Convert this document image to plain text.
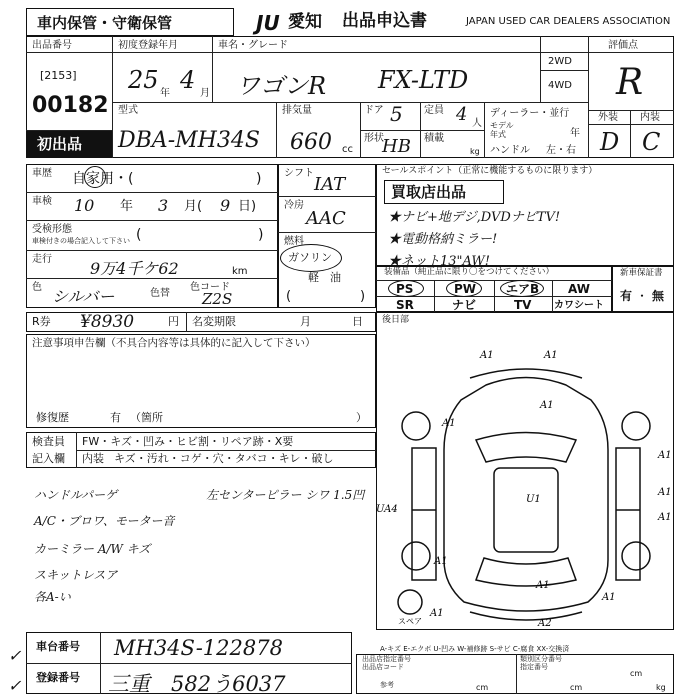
車内保管・守衛保管	JU 愛知 出品申込書	JAPAN USED CAR DEALERS ASSOCIATION
出品番号
[2153]
00182
初出品
初度登録年月
25 年 4 月
車名・グレード
ワゴンR FX-LTD
2WD
4WD
評価点
R
外装 内装
D C
型式
DBA-MH34S
排気量
660 cc
ドア 5
形状
HB
定員 4 人
積載
kg
ディーラー・並行
モデル
年式	年
ハンドル 左・右
車歴 自家用・(	)
車検 10 年 3 月( 9 日)
受検形態
車検付きの場合記入して下さい (	)
走行 9万4千ケ62	km
色 シルバー	色替
色コード
Z2S
シフト
IAT
冷房
AAC
燃料
ガソリン
軽　油
(	)
セールスポイント（正常に機能するものに限ります）
買取店出品
★ナビ+地デジ,DVDナビTV!
★電動格納ミラー!
★ネット13"AW!
装備品（純正品に限り〇をつけてください）
PS	PW エアB AW
SR	ナビ	TV カワシート
新車保証書
有 ・ 無
R券 ¥8930	円 名変期限	月	日 後日部
注意事項申告欄（不具合内容等は具体的に記入して下さい）
修復歴	有 （箇所	）
検査員
記入欄
FW・キズ・凹み・ヒビ割・リペア跡・X要
内装 キズ・汚れ・コゲ・穴・タバコ・キレ・破し
ハンドルパーゲ
A/C・ブロワ、モーター音
カーミラー A/W キズ
スキットレスア
各A-い
左センターピラー シワ 1.5凹
A1	A1
A1
A1
A1
U1
A1
UA4
A1
A1
A1
A1
A2
A1
スペア
A-キズ E-エクボ U-凹み W-補修跡 S-サビ C-腐食 XX-交換済
車台番号 MH34S-122878
登録番号 三重　582う6037
✓
✓
出品店指定番号
出品店コード
類別区分番号
指定番号
参考	cm	cm
cm
kg
